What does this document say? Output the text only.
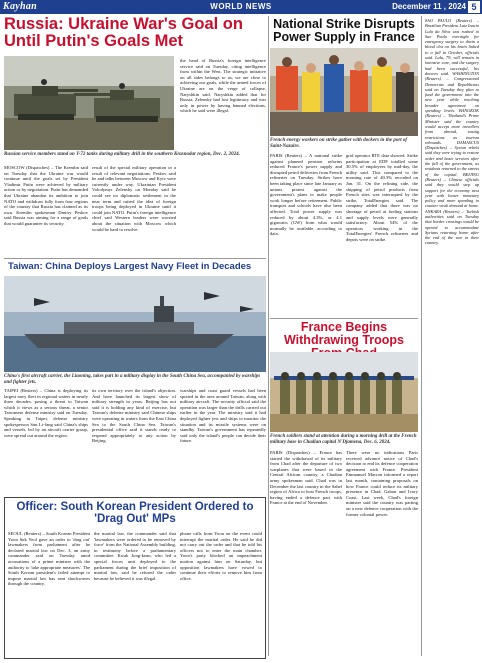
Kayhan	WORLD NEWS	December 11 , 2024 5
Russia: Ukraine War's Goal on Until Putin's Goals Met
Russian service members stand on T-72 tanks during military drill in the southern Krasnodar region, Dec. 2, 2024.
MOSCOW (Dispatches) – The Kremlin said on Tuesday that the Ukraine war would continue until the goals set by President Vladimir Putin were achieved by military action or by negotiation. Putin has demanded that Ukraine abandon its ambition to join NATO and withdraw fully from four regions of the country that Russia has claimed as its own. Kremlin spokesman Dmitry Peskov said Russia was aiming for a range of goals that would guarantee its security.
result of the special military operation or a result of relevant negotiations. Peskov said he and talks between Moscow and Kyiv were currently under way. Ukrainian President Volodymyr Zelensky on Monday said he could see no diplomatic settlement in the near term and raised the idea of foreign troops being deployed in Ukraine until it could join NATO. Putin's foreign intelligence chief said Western leaders were worried about the situation with Moscow which would be hard to resolve.
the head of Russia's foreign intelligence service said on Tuesday, citing intelligence from within the West. The strategic initiative on all sides belongs to us, we are close to achieving our goals, while the armed forces of Ukraine are on the verge of collapse, Naryshkin said. Naryshkin added that for Russia, Zelensky had lost legitimacy and was only in power by having banned elections, which he said were illegal.
National Strike Disrupts Power Supply in France
French energy workers on strike gather with dockers in the port of Saint-Nazaire.
PARIS (Reuters) – A national strike against planned pension reforms reduced France's power supply and disrupted petrol deliveries from French refineries on Tuesday. Strikes have been taking place since late January as unions protest against the government's plans to make people work longer before retirement. Public transport and schools have also been affected. Total power supply was reduced by about 4.3%, or 4.1 gigawatts (GW) from what would normally be available, according to data.
grid operator RTE data showed. Strike participation at EDF totalled some 30.5% of employees by mid-day, the utility said. This compared to the morning rate of 40.3% recorded on Jan. 31. On the refining side, the shipping of petrol products from French sites was interrupted by the strike, TotalEnergies said. The company added that there was no shortage of petrol at fueling stations and supply levels were generally satisfactory. About 54% of the operators working in the TotalEnergies' French refineries and depots were on strike.
Taiwan: China Deploys Largest Navy Fleet in Decades
China's first aircraft carrier, the Liaoning, takes part in a military display in the South China Sea, accompanied by warships and fighter jets.
TAIPEI (Reuters) – China is deploying its largest navy fleet in regional waters in nearly three decades, posing a threat to Taiwan which it views as a serious threat, a senior Taiwanese defense ministry said on Tuesday. Speaking in Taipei, defense ministry spokesperson Sun Li-fang said China's ships and vessels, led by an aircraft carrier group, were spread out around the region.
its own territory over the island's objection. And have launched its largest show of military strength in years. Beijing has not said it is holding any kind of exercise, but Taiwan's defense ministry said Chinese ships were operating in waters from the East China Sea to the South China Sea. Taiwan's presidential office said it stands ready to respond appropriately to any action by Beijing.
warships and coast guard vessels had been spotted in the area around Taiwan, along with military aircraft. The security official said the operation was larger than the drills carried out earlier in the year. The ministry said it had deployed fighter jets and ships to monitor the situation and its missile systems were on standby. Taiwan's government has repeatedly said only the island's people can decide their future.
France Begins Withdrawing Troops
French soldiers stand at attention during a morning drill at the French military base in Chadian capital N'Djamena, Dec. 6, 2024.
PARIS (Dispatches) – France has started the withdrawal of its military from Chad after the departure of two warplanes that were based in the Central African country, a Chadian army spokesman said. Chad was in December the last country in the Sahel region of Africa to host French troops, having ended a defence pact with France at the end of November.
There were no indications Paris received advance notice of Chad's decision to end its defence cooperation agreement with France. President Emmanuel Macron informed a report last month, containing proposals on how France could reduce its military presence in Chad, Gabon and Ivory Coast. Last week, Chad's foreign minister said the country was parting on a new defence cooperation with the former colonial power.
Officer: South Korean President Ordered to 'Drag Out' MPs
SEOUL (Reuters) – South Korean President Yoon Suk Yeol gave an order to 'drag out' lawmakers from parliament after he declared martial law on Dec. 3, an army commander said on Tuesday amid accusations of a prime minister with the authority to 'take appropriate measures'. The South Korean president's failed attempt to impose martial law has sent shockwaves through the country.
the martial law, the commander said that 'lawmakers were ordered to be removed by force' from the National Assembly building, in testimony before a parliamentary committee. Kwak Jong-keun, who led a special forces unit deployed to the parliament during the brief imposition of martial law, said he refused the order because he believed it was illegal.
phone calls from Yoon on the event could interrupt the martial order. He said he did not carry out the order and that he told his officers not to enter the main chamber. Yoon's party blocked an impeachment motion against him on Saturday, but opposition lawmakers have vowed to continue their efforts to remove him from office.
SAO PAULO (Reuters) – Brazilian President Luiz Inacio Lula da Silva was rushed to Sao Paulo overnight for emergency surgery to drain a blood clot on his brain linked to a fall in October, officials said. Lula, 79, will remain in intensive care, and the surgery had been successful, his doctors said. WASHINGTON (Reuters) – Congressional Democrats and Republicans said on Tuesday they plan to fund the government into the new year while reaching broader agreement on spending levels. BANGKOK (Reuters) – Thailand's Prime Minister said the country would accept more travellers from abroad, easing restrictions as tourism rebounds. DAMASCUS (Dispatches) – Syrian rebels said they were trying to restore order and basic services after the fall of the government, as residents returned to the streets of the capital. BEIJING (Reuters) – Chinese officials said they would step up support for the economy next year with looser monetary policy and more spending to counter weak demand at home. ANKARA (Reuters) – Turkish authorities said on Tuesday that border crossings would be opened to accommodate Syrians returning home after the end of the war in their country.
